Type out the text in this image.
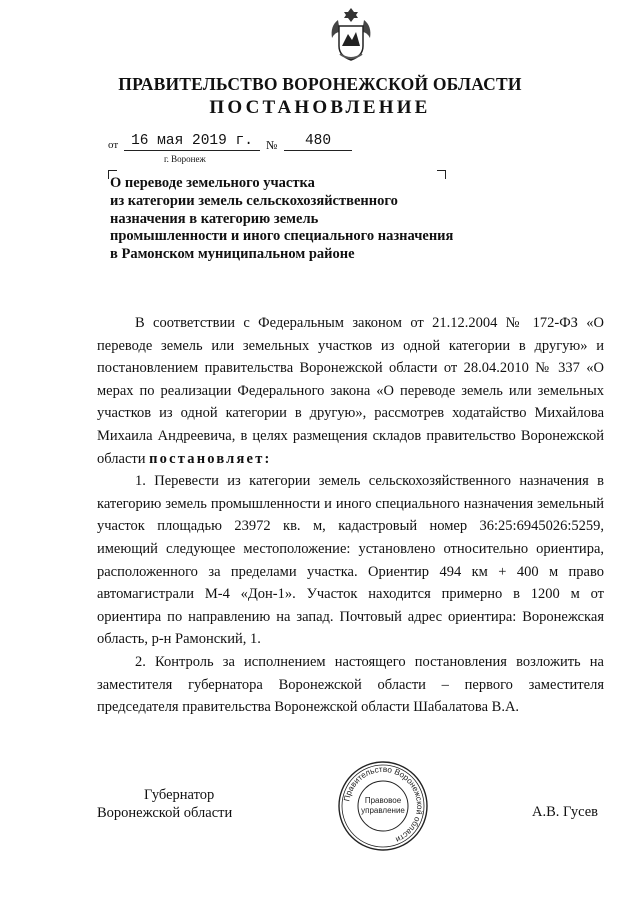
ПРАВИТЕЛЬСТВО ВОРОНЕЖСКОЙ ОБЛАСТИ
ПОСТАНОВЛЕНИЕ
от 16 мая 2019 г.
г. Воронеж
№	480
О переводе земельного участка
из категории земель сельскохозяйственного
назначения в категорию земель
промышленности и иного специального назначения
в Рамонском муниципальном районе

В соответствии с Федеральным законом от 21.12.2004 № 172-ФЗ «О переводе земель или земельных участков из одной категории в другую» и постановлением правительства Воронежской области от 28.04.2010 № 337 «О мерах по реализации Федерального закона «О переводе земель или земельных участков из одной категории в другую», рассмотрев ходатайство Михайлова Михаила Андреевича, в целях размещения складов правительство Воронежской области постановляет:

1. Перевести из категории земель сельскохозяйственного назначения в категорию земель промышленности и иного специального назначения земельный участок площадью 23972 кв. м, кадастровый номер 36:25:6945026:5259, имеющий следующее местоположение: установлено относительно ориентира, расположенного за пределами участка. Ориентир 494 км + 400 м право автомагистрали М-4 «Дон-1». Участок находится примерно в 1200 м от ориентира по направлению на запад. Почтовый адрес ориентира: Воронежская область, р-н Рамонский, 1.

2. Контроль за исполнением настоящего постановления возложить на заместителя губернатора Воронежской области – первого заместителя председателя правительства Воронежской области Шабалатова В.А.

Губернатор
Воронежской области	А.В. Гусев
Правительство Воронежской области
Правовое
управление
